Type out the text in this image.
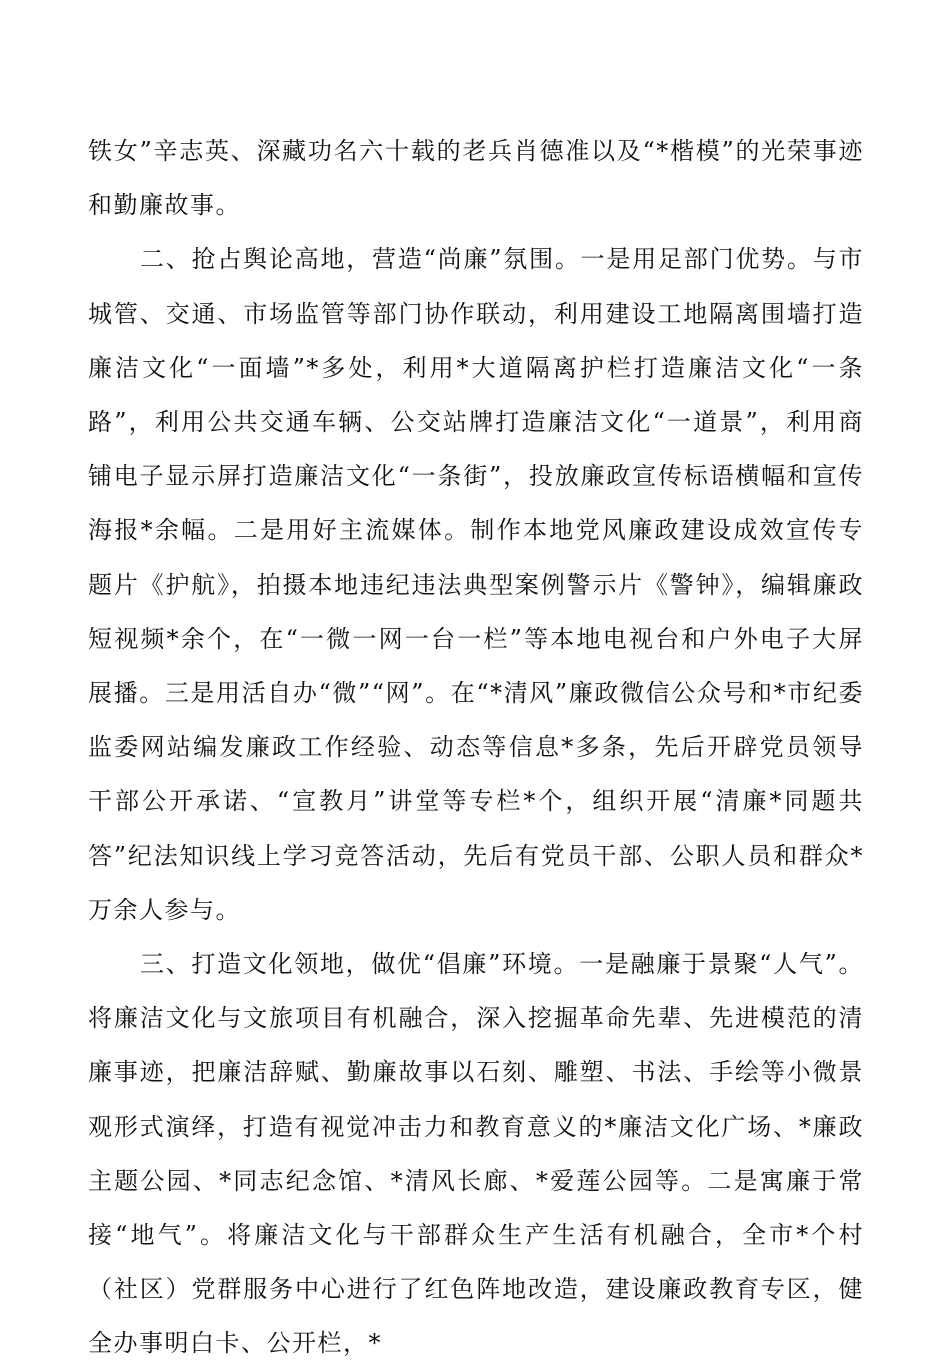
铁女”辛志英、深藏功名六十载的老兵肖德准以及“*楷模”的光荣事迹和勤廉故事。

二、抢占舆论高地，营造“尚廉”氛围。一是用足部门优势。与市城管、交通、市场监管等部门协作联动，利用建设工地隔离围墙打造廉洁文化“一面墙”*多处，利用*大道隔离护栏打造廉洁文化“一条路”，利用公共交通车辆、公交站牌打造廉洁文化“一道景”，利用商铺电子显示屏打造廉洁文化“一条街”，投放廉政宣传标语横幅和宣传海报*余幅。二是用好主流媒体。制作本地党风廉政建设成效宣传专题片《护航》，拍摄本地违纪违法典型案例警示片《警钟》，编辑廉政短视频*余个，在“一微一网一台一栏”等本地电视台和户外电子大屏展播。三是用活自办“微”“网”。在“*清风”廉政微信公众号和*市纪委监委网站编发廉政工作经验、动态等信息*多条，先后开辟党员领导干部公开承诺、“宣教月”讲堂等专栏*个，组织开展“清廉*同题共答”纪法知识线上学习竞答活动，先后有党员干部、公职人员和群众*万余人参与。

三、打造文化领地，做优“倡廉”环境。一是融廉于景聚“人气”。将廉洁文化与文旅项目有机融合，深入挖掘革命先辈、先进模范的清廉事迹，把廉洁辞赋、勤廉故事以石刻、雕塑、书法、手绘等小微景观形式演绎，打造有视觉冲击力和教育意义的*廉洁文化广场、*廉政主题公园、*同志纪念馆、*清风长廊、*爱莲公园等。二是寓廉于常接“地气”。将廉洁文化与干部群众生产生活有机融合，全市*个村（社区）党群服务中心进行了红色阵地改造，建设廉政教育专区，健全办事明白卡、公开栏，*
